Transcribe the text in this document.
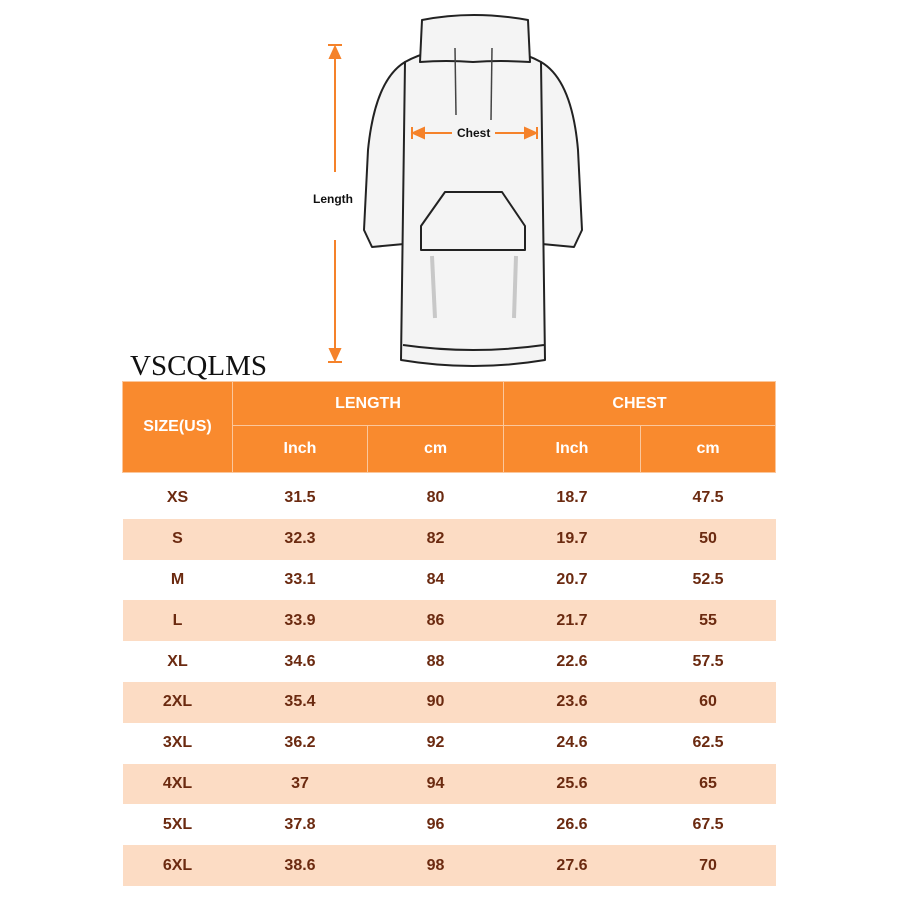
Length
Chest
VSCQLMS
SIZE(US)	LENGTH		CHEST	
	Inch	cm	Inch	cm
XS	31.5	80	18.7	47.5
S	32.3	82	19.7	50
M	33.1	84	20.7	52.5
L	33.9	86	21.7	55
XL	34.6	88	22.6	57.5
2XL	35.4	90	23.6	60
3XL	36.2	92	24.6	62.5
4XL	37	94	25.6	65
5XL	37.8	96	26.6	67.5
6XL	38.6	98	27.6	70
